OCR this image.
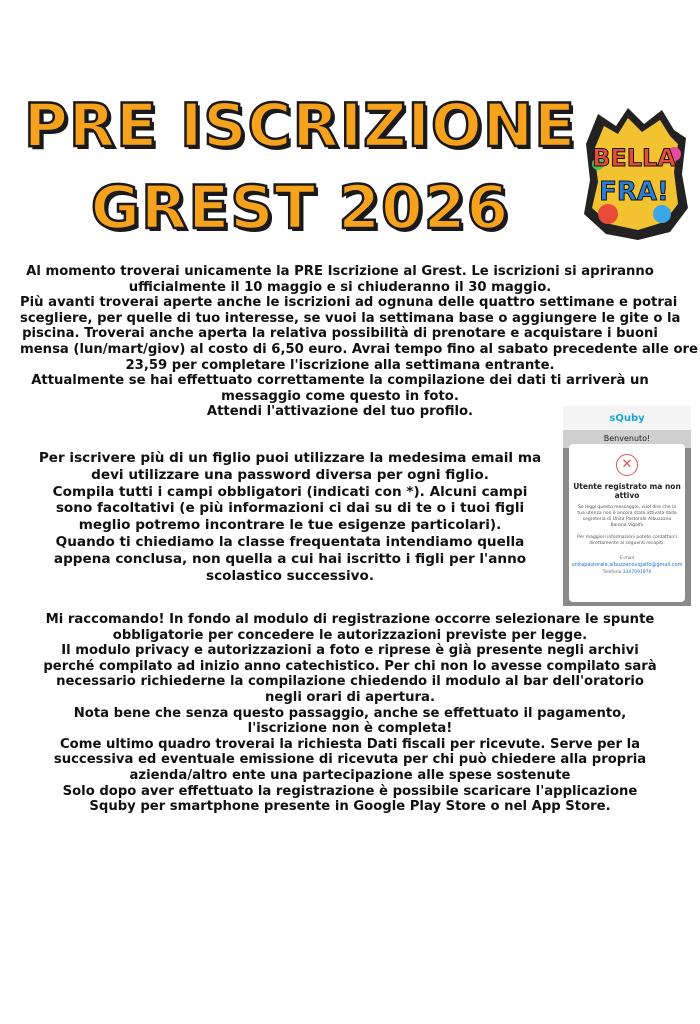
PRE ISCRIZIONE
GREST 2026
BELLA
FRA!
Al momento troverai unicamente la PRE Iscrizione al Grest. Le iscrizioni si apriranno
ufficialmente il 10 maggio e si chiuderanno il 30 maggio.
Più avanti troverai aperte anche le iscrizioni ad ognuna delle quattro settimane e potrai
scegliere, per quelle di tuo interesse, se vuoi la settimana base o aggiungere le gite o la
piscina. Troverai anche aperta la relativa possibilità di prenotare e acquistare i buoni
mensa (lun/mart/giov) al costo di 6,50 euro. Avrai tempo fino al sabato precedente alle ore
23,59 per completare l'iscrizione alla settimana entrante.
Attualmente se hai effettuato correttamente la compilazione dei dati ti arriverà un
messaggio come questo in foto.
Attendi l'attivazione del tuo profilo.
Per iscrivere più di un figlio puoi utilizzare la medesima email ma
devi utilizzare una password diversa per ogni figlio.
Compila tutti i campi obbligatori (indicati con *). Alcuni campi
sono facoltativi (e più informazioni ci dai su di te o i tuoi figli
meglio potremo incontrare le tue esigenze particolari).
Quando ti chiediamo la classe frequentata intendiamo quella
appena conclusa, non quella a cui hai iscritto i figli per l'anno
scolastico successivo.
Mi raccomando! In fondo al modulo di registrazione occorre selezionare le spunte
obbligatorie per concedere le autorizzazioni previste per legge.
Il modulo privacy e autorizzazioni a foto e riprese è già presente negli archivi
perché compilato ad inizio anno catechistico. Per chi non lo avesse compilato sarà
necessario richiederne la compilazione chiedendo il modulo al bar dell'oratorio
negli orari di apertura.
Nota bene che senza questo passaggio, anche se effettuato il pagamento,
l'iscrizione non è completa!
Come ultimo quadro troverai la richiesta Dati fiscali per ricevute. Serve per la
successiva ed eventuale emissione di ricevuta per chi può chiedere alla propria
azienda/altro ente una partecipazione alle spese sostenute
Solo dopo aver effettuato la registrazione è possibile scaricare l'applicazione
Squby per smartphone presente in Google Play Store o nel App Store.
sQuby
Benvenuto!
✕
Utente registrato ma non attivo
Se leggi questo messaggio, vuol dire che la tua utenza non è ancora stata attivata dalla segreteria di Unità Pastorale Albuzzano Barona Vigalfo
Per maggiori informazioni potete contattarci direttamente ai seguenti recapiti:
E-mail
unitapastorale.albuzzanovigalfo@gmail.com
Telefono 3347091976
